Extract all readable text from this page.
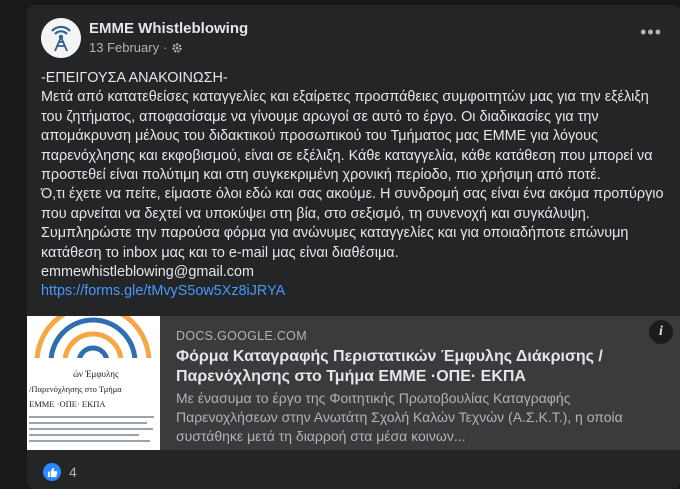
EMME Whistleblowing
13 February ·
•••

-ΕΠΕΙΓΟΥΣΑ ΑΝΑΚΟΙΝΩΣΗ-

Μετά από κατατεθείσες καταγγελίες και εξαίρετες προσπάθειες συμφοιτητών μας για την εξέλιξη του ζητήματος, αποφασίσαμε να γίνουμε αρωγοί σε αυτό το έργο. Οι διαδικασίες για την απομάκρυνση μέλους του διδακτικού προσωπικού του Τμήματος μας ΕΜΜΕ για λόγους παρενόχλησης και εκφοβισμού, είναι σε εξέλιξη. Κάθε καταγγελία, κάθε κατάθεση που μπορεί να προστεθεί είναι πολύτιμη και στη συγκεκριμένη χρονική περίοδο, πιο χρήσιμη από ποτέ.

Ό,τι έχετε να πείτε, είμαστε όλοι εδώ και σας ακούμε. Η συνδρομή σας είναι ένα ακόμα προπύργιο που αρνείται να δεχτεί να υποκύψει στη βία, στο σεξισμό, τη συνενοχή και συγκάλυψη.

Συμπληρώστε την παρούσα φόρμα για ανώνυμες καταγγελίες και για οποιαδήποτε επώνυμη κατάθεση το inbox μας και το e-mail μας είναι διαθέσιμα.

emmewhistleblowing@gmail.com

https://forms.gle/tMvyS5ow5Xz8iJRYA

ών Έμφυλης
/Παρενόχλησης στο Τμήμα
ΕΜΜΕ ·ΟΠΕ· ΕΚΠΑ
DOCS.GOOGLE.COM
Φόρμα Καταγραφής Περιστατικών Έμφυλης Διάκρισης / Παρενόχλησης στο Τμήμα ΕΜΜΕ ·ΟΠΕ· ΕΚΠΑ
Με ένασυμα το έργο της Φοιτητικής Πρωτοβουλίας Καταγραφής Παρενοχλήσεων στην Ανωτάτη Σχολή Καλών Τεχνών (Α.Σ.Κ.Τ.), η οποία συστάθηκε μετά τη διαρροή στα μέσα κοινων...
i
4
